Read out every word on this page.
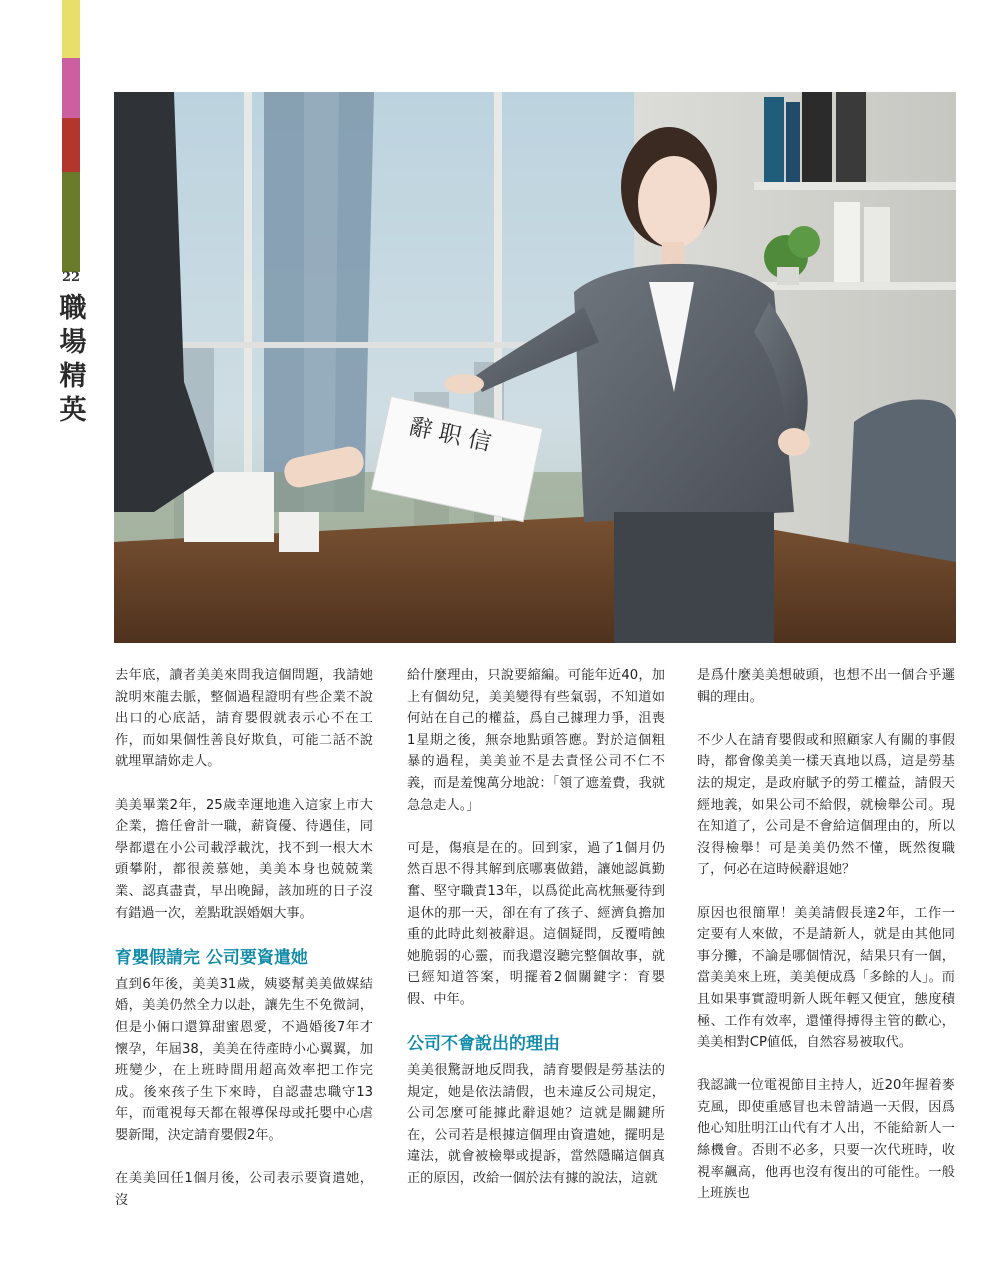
22
職
場
精
英
辭职信

去年底，讀者美美來問我這個問題，我請她說明來龍去脈，整個過程證明有些企業不說出口的心底話，請育嬰假就表示心不在工作，而如果個性善良好欺負，可能二話不說就埋單請妳走人。

美美畢業2年，25歲幸運地進入這家上市大企業，擔任會計一職，薪資優、待遇佳，同學都還在小公司載浮載沈，找不到一根大木頭攀附，都很羨慕她，美美本身也兢兢業業、認真盡責，早出晚歸，該加班的日子沒有錯過一次，差點耽誤婚姻大事。

育嬰假請完 公司要資遣她

直到6年後，美美31歲，姨婆幫美美做媒結婚，美美仍然全力以赴，讓先生不免微詞，但是小倆口還算甜蜜恩愛，不過婚後7年才懷孕，年屆38，美美在待產時小心翼翼，加班變少，在上班時間用超高效率把工作完成。後來孩子生下來時，自認盡忠職守13年，而電視每天都在報導保母或托嬰中心虐嬰新聞，決定請育嬰假2年。

在美美回任1個月後，公司表示要資遣她，沒

給什麼理由，只說要縮編。可能年近40，加上有個幼兒，美美變得有些氣弱，不知道如何站在自己的權益，爲自己據理力爭，沮喪1星期之後，無奈地點頭答應。對於這個粗暴的過程，美美並不是去責怪公司不仁不義，而是羞愧萬分地說：「領了遮羞費，我就急急走人。」

可是，傷痕是在的。回到家，過了1個月仍然百思不得其解到底哪裏做錯，讓她認眞勤奮、堅守職責13年，以爲從此高枕無憂待到退休的那一天，卻在有了孩子、經濟負擔加重的此時此刻被辭退。這個疑問，反覆啃蝕她脆弱的心靈，而我還沒聽完整個故事，就已經知道答案，明擺着2個關鍵字：育嬰假、中年。

公司不會說出的理由

美美很驚訝地反問我，請育嬰假是勞基法的規定，她是依法請假，也未違反公司規定，公司怎麼可能據此辭退她？這就是關鍵所在，公司若是根據這個理由資遣她，擺明是違法，就會被檢舉或提訴，當然隱瞞這個真正的原因，改給一個於法有據的說法，這就

是爲什麼美美想破頭，也想不出一個合乎邏輯的理由。

不少人在請育嬰假或和照顧家人有關的事假時，都會像美美一樣天真地以爲，這是勞基法的規定，是政府賦予的勞工權益，請假天經地義，如果公司不給假，就檢舉公司。現在知道了，公司是不會給這個理由的，所以沒得檢舉！可是美美仍然不懂，既然復職了，何必在這時候辭退她？

原因也很簡單！美美請假長達2年，工作一定要有人來做，不是請新人，就是由其他同事分攤，不論是哪個情況，結果只有一個，當美美來上班，美美便成爲「多餘的人」。而且如果事實證明新人既年輕又便宜，態度積極、工作有效率，還懂得搏得主管的歡心，美美相對CP値低，自然容易被取代。

我認識一位電視節目主持人，近20年握着麥克風，即使重感冒也未曾請過一天假，因爲他心知肚明江山代有才人出，不能給新人一絲機會。否則不必多，只要一次代班時，收視率飆高，他再也沒有復出的可能性。一般上班族也
